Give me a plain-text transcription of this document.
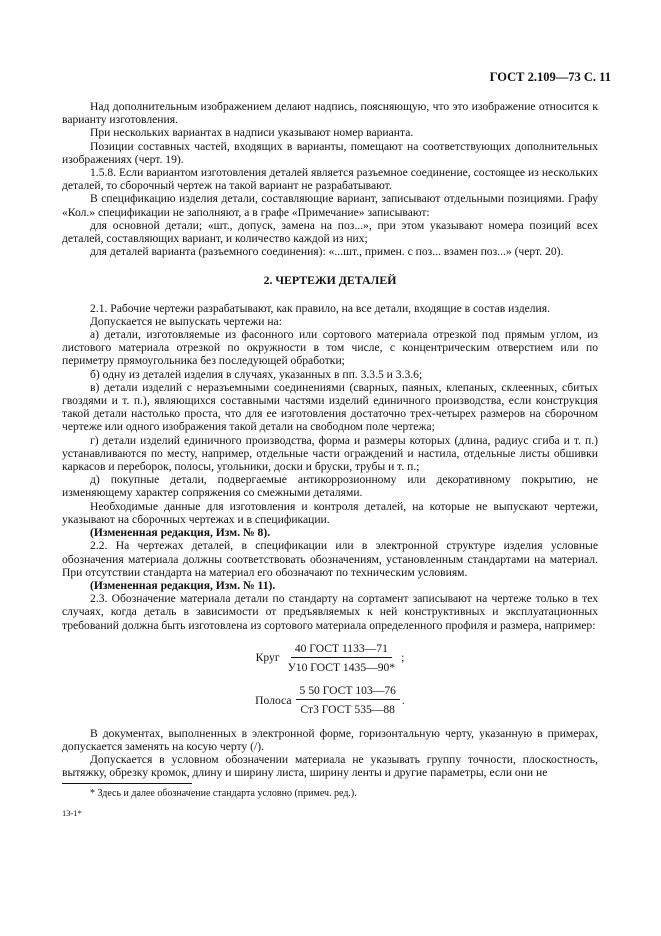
ГОСТ 2.109—73 С. 11

Над дополнительным изображением делают надпись, поясняющую, что это изображение относится к варианту изготовления.

При нескольких вариантах в надписи указывают номер варианта.

Позиции составных частей, входящих в варианты, помещают на соответствующих дополнительных изображениях (черт. 19).

1.5.8. Если вариантом изготовления деталей является разъемное соединение, состоящее из нескольких деталей, то сборочный чертеж на такой вариант не разрабатывают.

В спецификацию изделия детали, составляющие вариант, записывают отдельными позициями. Графу «Кол.» спецификации не заполняют, а в графе «Примечание» записывают:

для основной детали; «шт., допуск, замена на поз...», при этом указывают номера позиций всех деталей, составляющих вариант, и количество каждой из них;

для деталей варианта (разъемного соединения): «...шт., примен. с поз... взамен поз...» (черт. 20).

2. ЧЕРТЕЖИ ДЕТАЛЕЙ

2.1. Рабочие чертежи разрабатывают, как правило, на все детали, входящие в состав изделия.

Допускается не выпускать чертежи на:

а) детали, изготовляемые из фасонного или сортового материала отрезкой под прямым углом, из листового материала отрезкой по окружности в том числе, с концентрическим отверстием или по периметру прямоугольника без последующей обработки;

б) одну из деталей изделия в случаях, указанных в пп. 3.3.5 и 3.3.6;

в) детали изделий с неразъемными соединениями (сварных, паяных, клепаных, склеенных, сбитых гвоздями и т. п.), являющихся составными частями изделий единичного производства, если конструкция такой детали настолько проста, что для ее изготовления достаточно трех-четырех размеров на сборочном чертеже или одного изображения такой детали на свободном поле чертежа;

г) детали изделий единичного производства, форма и размеры которых (длина, радиус сгиба и т. п.) устанавливаются по месту, например, отдельные части ограждений и настила, отдельные листы обшивки каркасов и переборок, полосы, угольники, доски и бруски, трубы и т. п.;

д) покупные детали, подвергаемые антикоррозионному или декоративному покрытию, не изменяющему характер сопряжения со смежными деталями.

Необходимые данные для изготовления и контроля деталей, на которые не выпускают чертежи, указывают на сборочных чертежах и в спецификации.

(Измененная редакция, Изм. № 8).

2.2. На чертежах деталей, в спецификации или в электронной структуре изделия условные обозначения материала должны соответствовать обозначениям, установленным стандартами на материал. При отсутствии стандарта на материал его обозначают по техническим условиям.

(Измененная редакция, Изм. № 11).

2.3. Обозначение материала детали по стандарту на сортамент записывают на чертеже только в тех случаях, когда деталь в зависимости от предъявляемых к ней конструктивных и эксплуатационных требований должна быть изготовлена из сортового материала определенного профиля и размера, например:

Круг $\frac{\text{40 ГОСТ 1133—71}}{\text{У10 ГОСТ 1435—90*}}$ ;
Полоса $\frac{\text{5 50 ГОСТ 103—76}}{\text{Ст3 ГОСТ 535—88}}$ .

В документах, выполненных в электронной форме, горизонтальную черту, указанную в примерах, допускается заменять на косую черту (/).

Допускается в условном обозначении материала не указывать группу точности, плоскостность, вытяжку, обрезку кромок, длину и ширину листа, ширину ленты и другие параметры, если они не

* Здесь и далее обозначение стандарта условно (примеч. ред.).
13-1*
